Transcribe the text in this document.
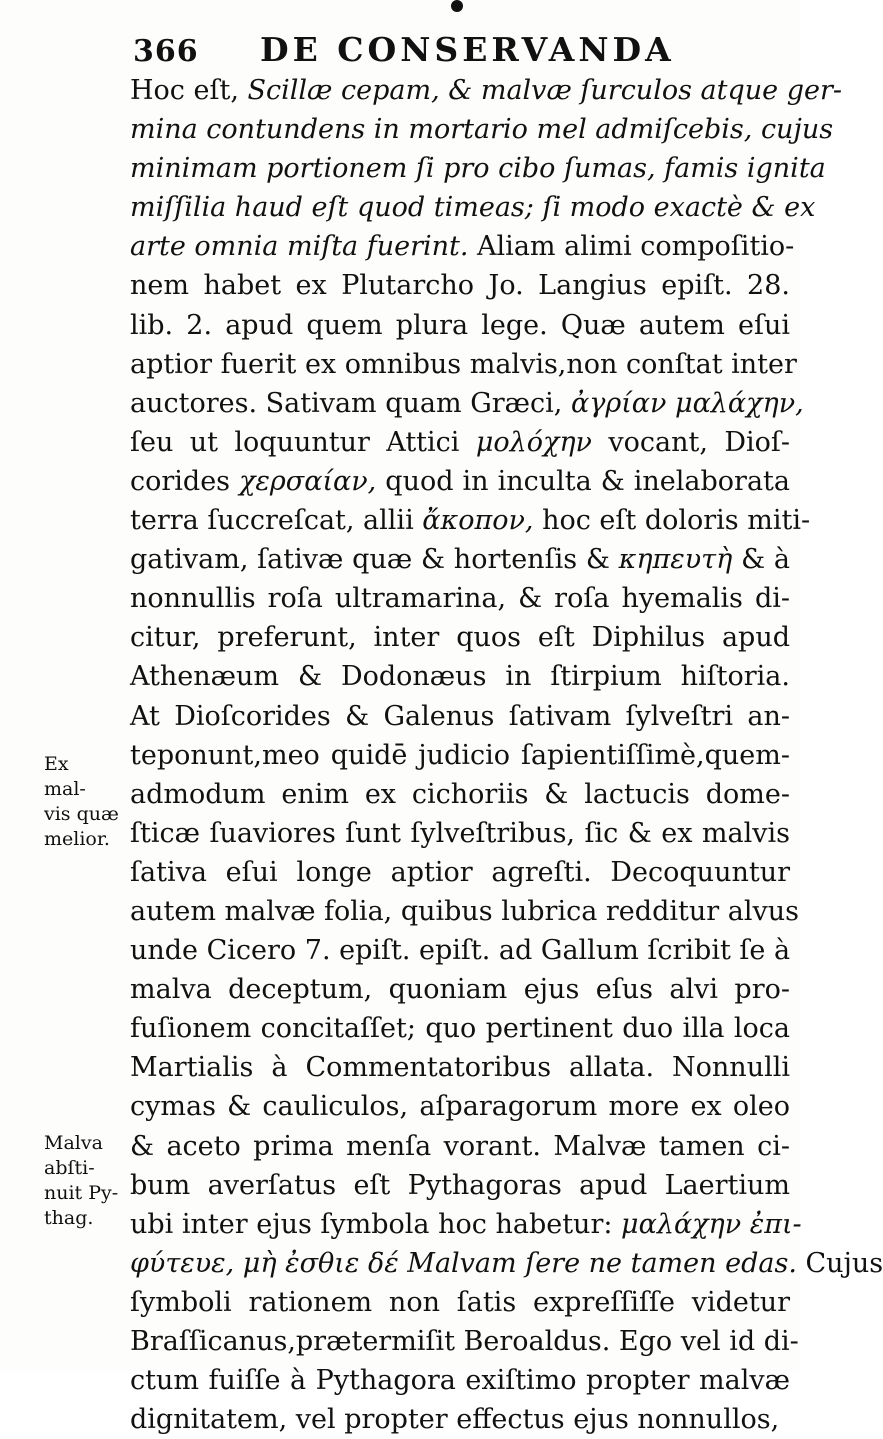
366 DE CONSERVANDA
Hoc eſt, Scillæ cepam, & malvæ ſurculos atque ger-
mina contundens in mortario mel admiſcebis, cujus
minimam portionem ſi pro cibo ſumas, famis ignita
miſſilia haud eſt quod timeas; ſi modo exactè & ex
arte omnia miſta fuerint. Aliam alimi compoſitio-
nem habet ex Plutarcho Jo. Langius epiſt. 28.
lib. 2. apud quem plura lege. Quæ autem eſui
aptior fuerit ex omnibus malvis,non conſtat inter
auctores. Sativam quam Græci, ἀγρίαν μαλάχην,
ſeu ut loquuntur Attici μολόχην vocant, Dioſ-
corides χερσαίαν, quod in inculta & inelaborata
terra ſuccreſcat, allii ἄκοπον, hoc eſt doloris miti-
gativam, ſativæ quæ & hortenſis & κηπευτὴ & à
nonnullis roſa ultramarina, & roſa hyemalis di-
citur, preferunt, inter quos eſt Diphilus apud
Athenæum & Dodonæus in ſtirpium hiſtoria.
At Dioſcorides & Galenus ſativam ſylveſtri an-
teponunt,meo quidē judicio ſapientiſſimè,quem-
admodum enim ex cichoriis & lactucis dome-
ſticæ ſuaviores ſunt ſylveſtribus, ſic & ex malvis
ſativa eſui longe aptior agreſti. Decoquuntur
autem malvæ folia, quibus lubrica redditur alvus
unde Cicero 7. epiſt. epiſt. ad Gallum ſcribit ſe à
malva deceptum, quoniam ejus eſus alvi pro-
fuſionem concitaſſet; quo pertinent duo illa loca
Martialis à Commentatoribus allata. Nonnulli
cymas & cauliculos, aſparagorum more ex oleo
& aceto prima menſa vorant. Malvæ tamen ci-
bum averſatus eſt Pythagoras apud Laertium
ubi inter ejus ſymbola hoc habetur: μαλάχην ἐπι-
φύτευε, μὴ ἐσθιε δέ Malvam ſere ne tamen edas. Cujus
ſymboli rationem non ſatis expreſſiſſe videtur
Braſſicanus,prætermiſit Beroaldus. Ego vel id di-
ctum fuiſſe à Pythagora exiſtimo propter malvæ
dignitatem, vel propter effectus ejus nonnullos,
Ex
mal-
vis quæ
melior.
Malva
abſti-
nuit Py-
thag.
